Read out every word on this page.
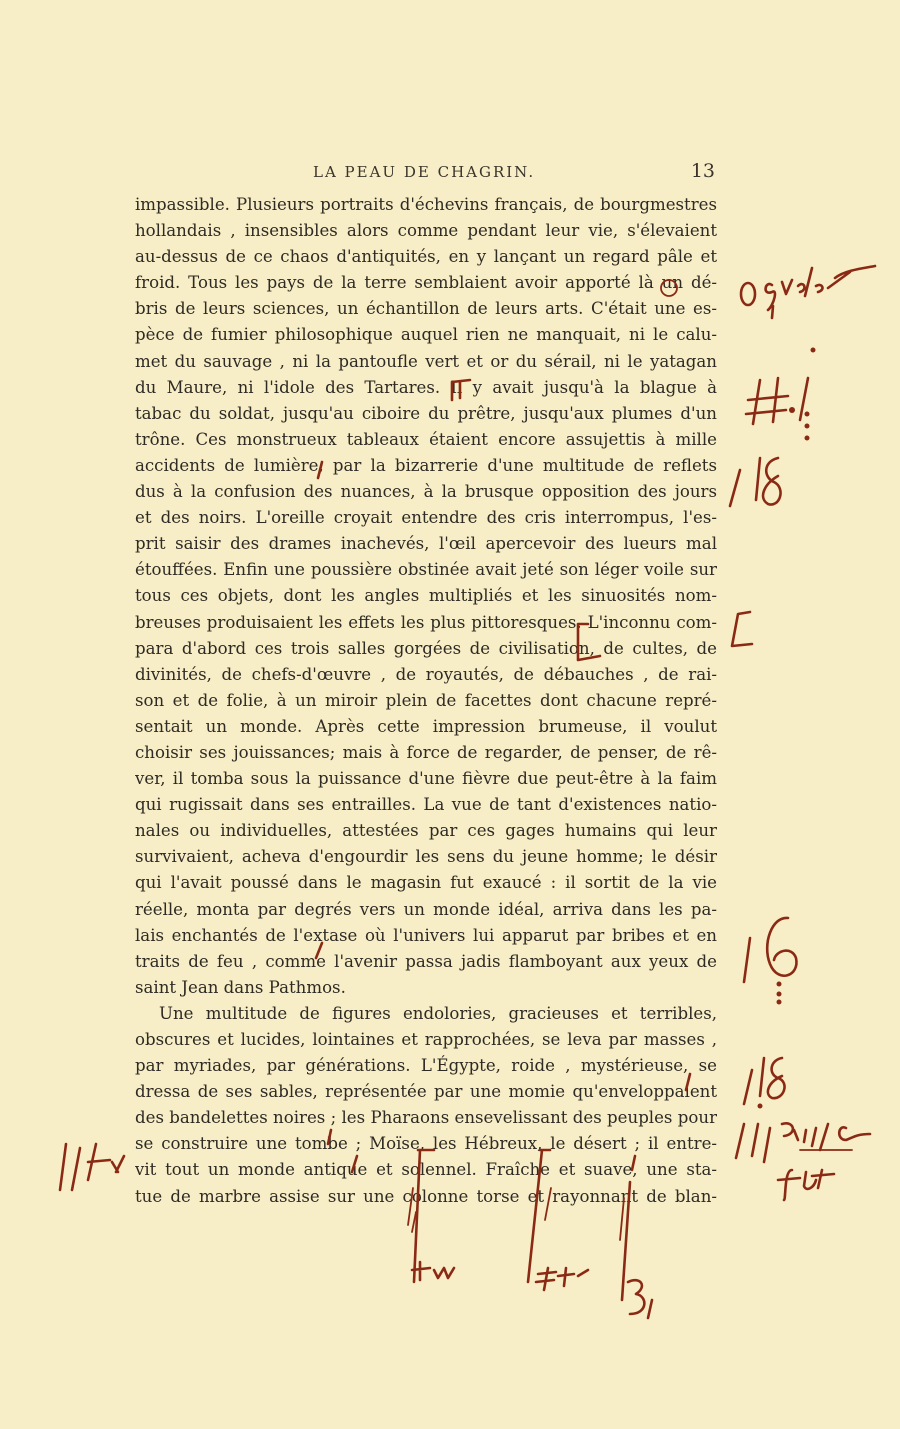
LA PEAU DE CHAGRIN.	13
impassible. Plusieurs portraits d'échevins français, de bourgmestres
hollandais , insensibles alors comme pendant leur vie, s'élevaient
au-dessus de ce chaos d'antiquités, en y lançant un regard pâle et
froid. Tous les pays de la terre semblaient avoir apporté là un dé-
bris de leurs sciences, un échantillon de leurs arts. C'était une es-
pèce de fumier philosophique auquel rien ne manquait, ni le calu-
met du sauvage , ni la pantoufle vert et or du sérail, ni le yatagan
du Maure, ni l'idole des Tartares. Il y avait jusqu'à la blague à
tabac du soldat, jusqu'au ciboire du prêtre, jusqu'aux plumes d'un
trône. Ces monstrueux tableaux étaient encore assujettis à mille
accidents de lumière, par la bizarrerie d'une multitude de reflets
dus à la confusion des nuances, à la brusque opposition des jours
et des noirs. L'oreille croyait entendre des cris interrompus, l'es-
prit saisir des drames inachevés, l'œil apercevoir des lueurs mal
étouffées. Enfin une poussière obstinée avait jeté son léger voile sur
tous ces objets, dont les angles multipliés et les sinuosités nom-
breuses produisaient les effets les plus pittoresques. L'inconnu com-
para d'abord ces trois salles gorgées de civilisation, de cultes, de
divinités, de chefs-d'œuvre , de royautés, de débauches , de rai-
son et de folie, à un miroir plein de facettes dont chacune repré-
sentait un monde. Après cette impression brumeuse, il voulut
choisir ses jouissances; mais à force de regarder, de penser, de rê-
ver, il tomba sous la puissance d'une fièvre due peut-être à la faim
qui rugissait dans ses entrailles. La vue de tant d'existences natio-
nales ou individuelles, attestées par ces gages humains qui leur
survivaient, acheva d'engourdir les sens du jeune homme; le désir
qui l'avait poussé dans le magasin fut exaucé : il sortit de la vie
réelle, monta par degrés vers un monde idéal, arriva dans les pa-
lais enchantés de l'extase où l'univers lui apparut par bribes et en
traits de feu , comme l'avenir passa jadis flamboyant aux yeux de
saint Jean dans Pathmos.
Une multitude de figures endolories, gracieuses et terribles,
obscures et lucides, lointaines et rapprochées, se leva par masses ,
par myriades, par générations. L'Égypte, roide , mystérieuse, se
dressa de ses sables, représentée par une momie qu'enveloppaient
des bandelettes noires ; les Pharaons ensevelissant des peuples pour
se construire une tombe ; Moïse, les Hébreux, le désert ; il entre-
vit tout un monde antique et solennel. Fraîche et suave, une sta-
tue de marbre assise sur une colonne torse et rayonnant de blan-
